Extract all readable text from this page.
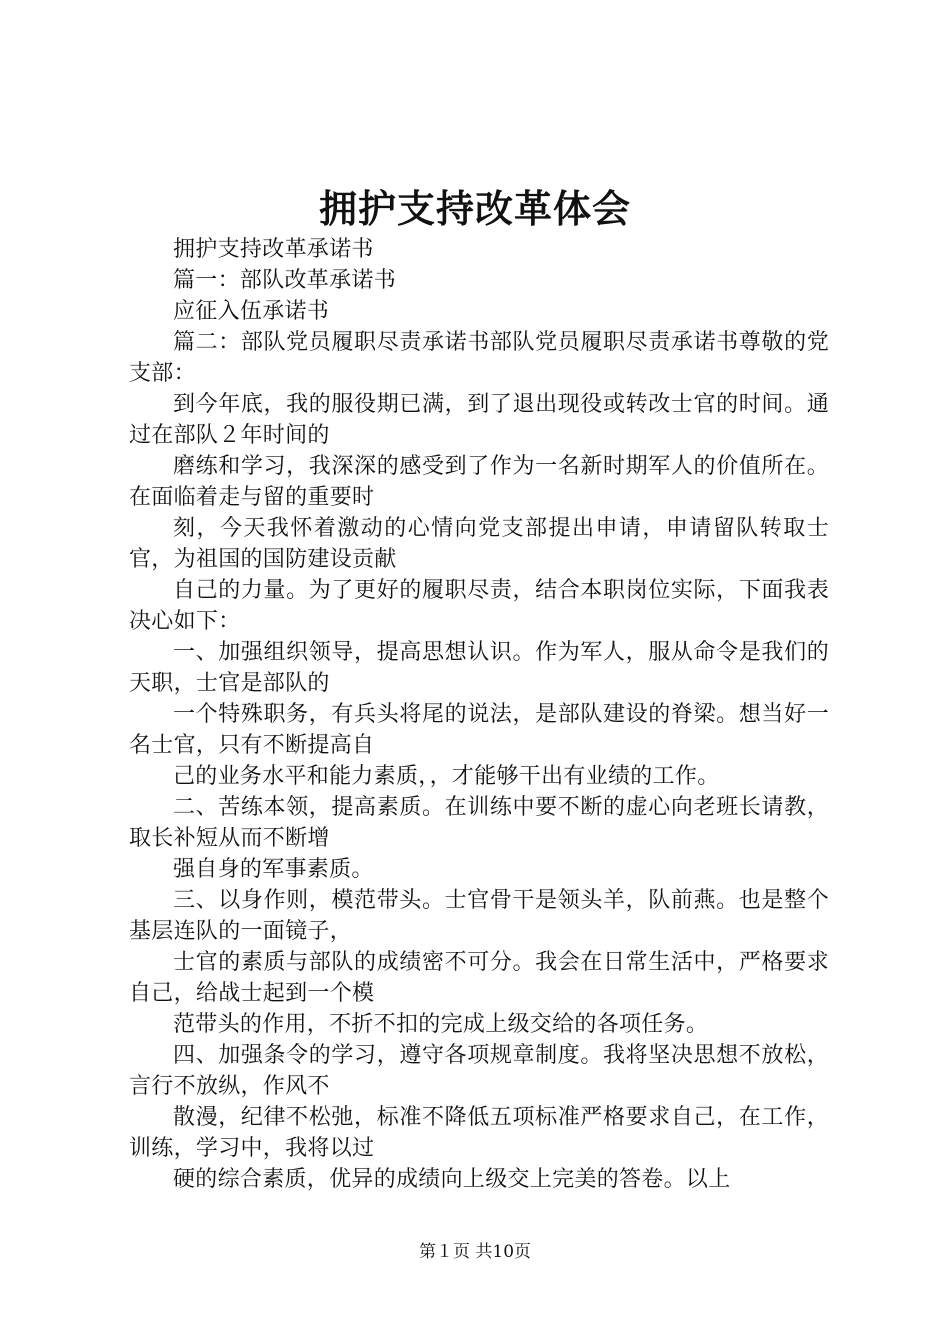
拥护支持改革体会

拥护支持改革承诺书

篇一：部队改革承诺书

应征入伍承诺书

篇二：部队党员履职尽责承诺书部队党员履职尽责承诺书尊敬的党支部：

到今年底，我的服役期已满，到了退出现役或转改士官的时间。通过在部队２年时间的

磨练和学习，我深深的感受到了作为一名新时期军人的价值所在。在面临着走与留的重要时

刻，今天我怀着激动的心情向党支部提出申请，申请留队转取士官，为祖国的国防建设贡献

自己的力量。为了更好的履职尽责，结合本职岗位实际，下面我表决心如下：

一、加强组织领导，提高思想认识。作为军人，服从命令是我们的天职，士官是部队的

一个特殊职务，有兵头将尾的说法，是部队建设的脊梁。想当好一名士官，只有不断提高自

己的业务水平和能力素质，，才能够干出有业绩的工作。

二、苦练本领，提高素质。在训练中要不断的虚心向老班长请教，取长补短从而不断增

强自身的军事素质。

三、以身作则，模范带头。士官骨干是领头羊，队前燕。也是整个基层连队的一面镜子，

士官的素质与部队的成绩密不可分。我会在日常生活中，严格要求自己，给战士起到一个模

范带头的作用，不折不扣的完成上级交给的各项任务。

四、加强条令的学习，遵守各项规章制度。我将坚决思想不放松，言行不放纵，作风不

散漫，纪律不松弛，标准不降低五项标准严格要求自己，在工作，训练，学习中，我将以过

硬的综合素质，优异的成绩向上级交上完美的答卷。以上

第１页 共10页
